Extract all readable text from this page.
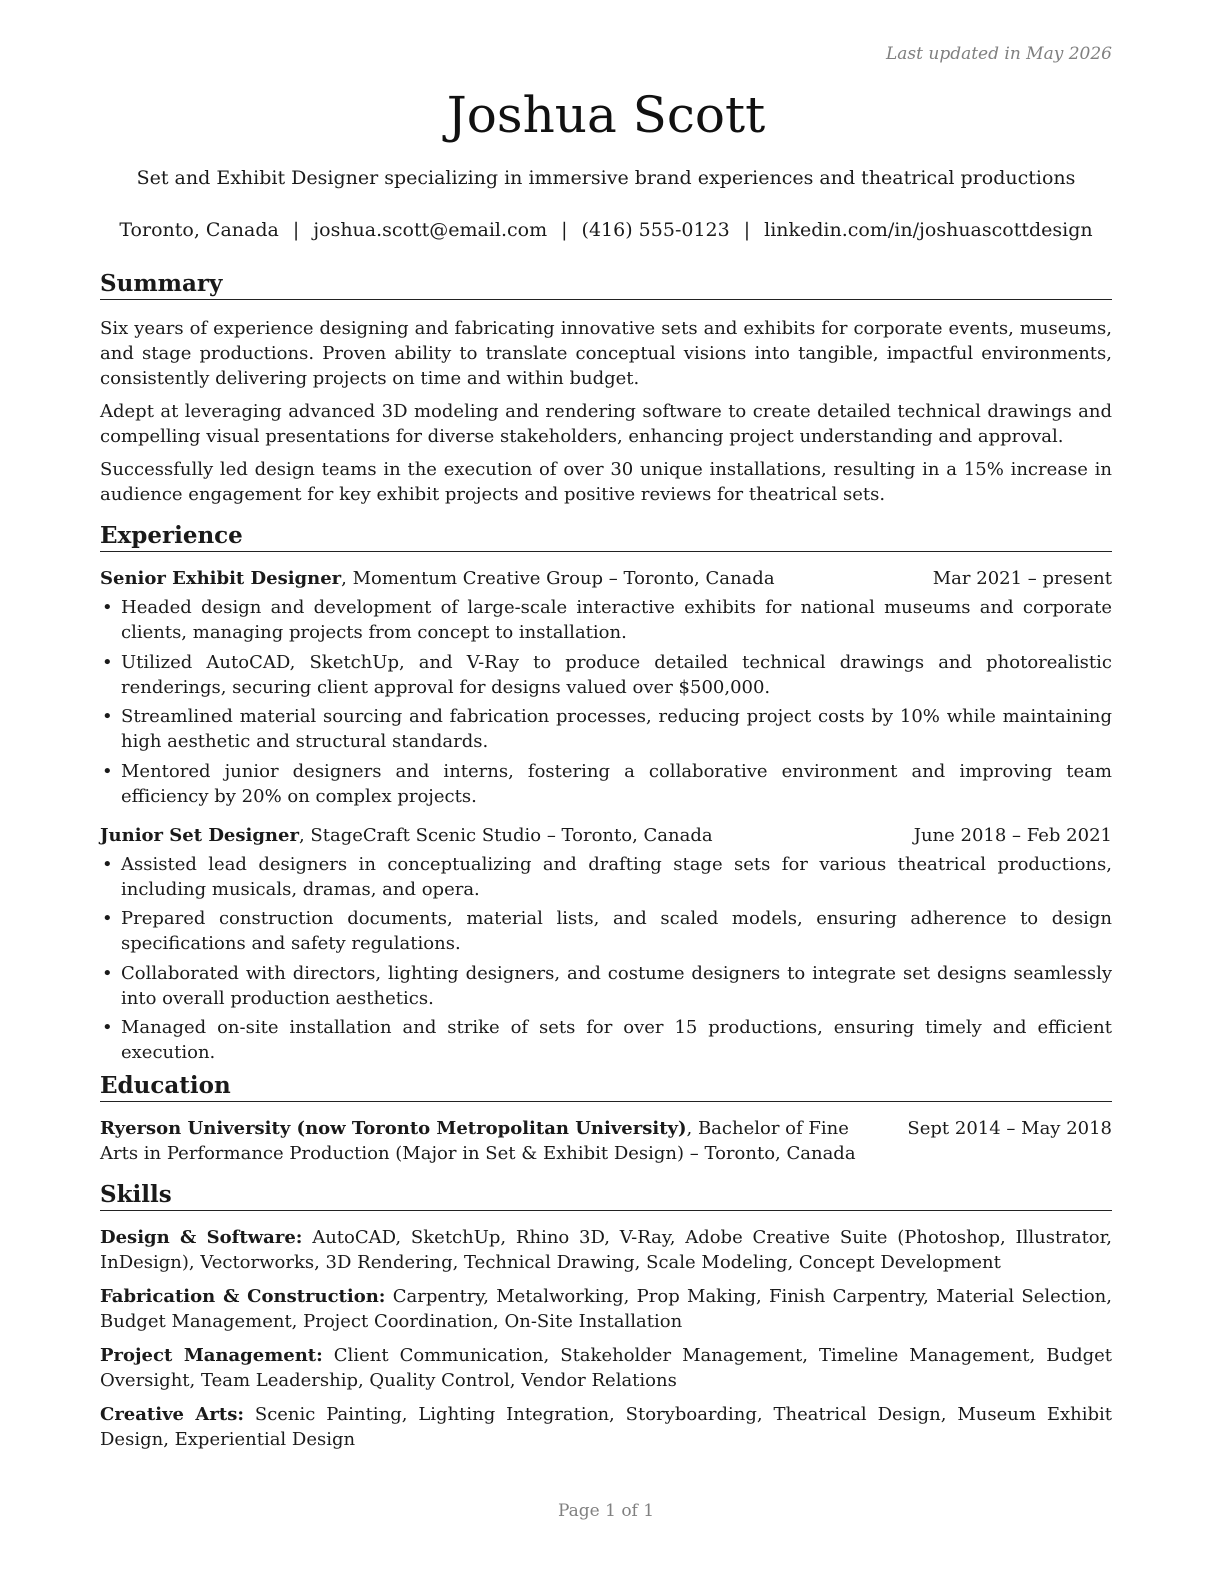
Last updated in May 2026
Joshua Scott

Set and Exhibit Designer specializing in immersive brand experiences and theatrical productions

Toronto, Canada | joshua.scott@email.com | (416) 555-0123 | linkedin.com/in/joshuascottdesign

Summary

Six years of experience designing and fabricating innovative sets and exhibits for corporate events, museums, and stage productions. Proven ability to translate conceptual visions into tangible, impactful environments, consistently delivering projects on time and within budget.

Adept at leveraging advanced 3D modeling and rendering software to create detailed technical drawings and compelling visual presentations for diverse stakeholders, enhancing project understanding and approval.

Successfully led design teams in the execution of over 30 unique installations, resulting in a 15% increase in audience engagement for key exhibit projects and positive reviews for theatrical sets.

Experience
Senior Exhibit Designer, Momentum Creative Group – Toronto, Canada	Mar 2021 – present
• Headed design and development of large-scale interactive exhibits for national museums and corporate clients, managing projects from concept to installation.
• Utilized AutoCAD, SketchUp, and V-Ray to produce detailed technical drawings and photorealistic renderings, securing client approval for designs valued over $500,000.
• Streamlined material sourcing and fabrication processes, reducing project costs by 10% while maintaining high aesthetic and structural standards.
• Mentored junior designers and interns, fostering a collaborative environment and improving team efficiency by 20% on complex projects.
Junior Set Designer, StageCraft Scenic Studio – Toronto, Canada	June 2018 – Feb 2021
• Assisted lead designers in conceptualizing and drafting stage sets for various theatrical productions, including musicals, dramas, and opera.
• Prepared construction documents, material lists, and scaled models, ensuring adherence to design specifications and safety regulations.
• Collaborated with directors, lighting designers, and costume designers to integrate set designs seamlessly into overall production aesthetics.
• Managed on-site installation and strike of sets for over 15 productions, ensuring timely and efficient execution.
Education
Ryerson University (now Toronto Metropolitan University), Bachelor of Fine Arts in Performance Production (Major in Set & Exhibit Design) – Toronto, Canada
Sept 2014 – May 2018
Skills

Design & Software: AutoCAD, SketchUp, Rhino 3D, V-Ray, Adobe Creative Suite (Photoshop, Illustrator, InDesign), Vectorworks, 3D Rendering, Technical Drawing, Scale Modeling, Concept Development

Fabrication & Construction: Carpentry, Metalworking, Prop Making, Finish Carpentry, Material Selection, Budget Management, Project Coordination, On-Site Installation

Project Management: Client Communication, Stakeholder Management, Timeline Management, Budget Oversight, Team Leadership, Quality Control, Vendor Relations

Creative Arts: Scenic Painting, Lighting Integration, Storyboarding, Theatrical Design, Museum Exhibit Design, Experiential Design

Page 1 of 1
